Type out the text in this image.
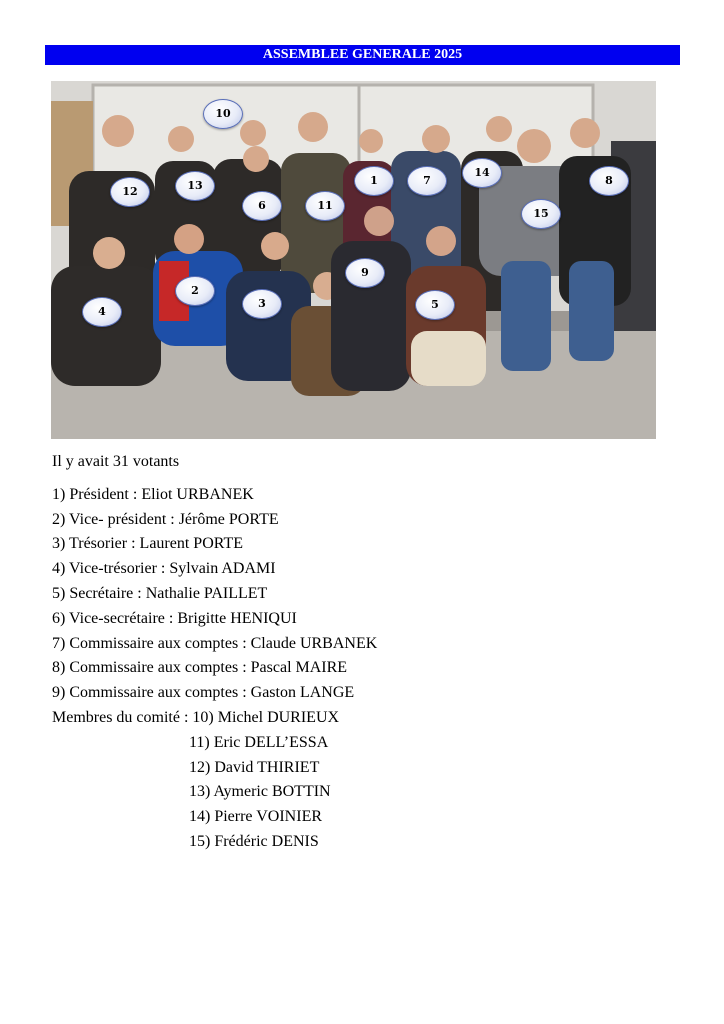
ASSEMBLEE GENERALE 2025
10
12	13
6	11
1	7
14
8
15
9
2
3
4
5
Il y avait 31 votants
1) Président : Eliot URBANEK
2) Vice- président : Jérôme PORTE
3) Trésorier : Laurent PORTE
4) Vice-trésorier : Sylvain ADAMI
5) Secrétaire : Nathalie PAILLET
6) Vice-secrétaire : Brigitte HENIQUI
7) Commissaire aux comptes : Claude URBANEK
8) Commissaire aux comptes : Pascal MAIRE
9) Commissaire aux comptes : Gaston LANGE
Membres du comité : 10) Michel DURIEUX
11) Eric DELL’ESSA
12) David THIRIET
13) Aymeric BOTTIN
14) Pierre VOINIER
15) Frédéric DENIS
